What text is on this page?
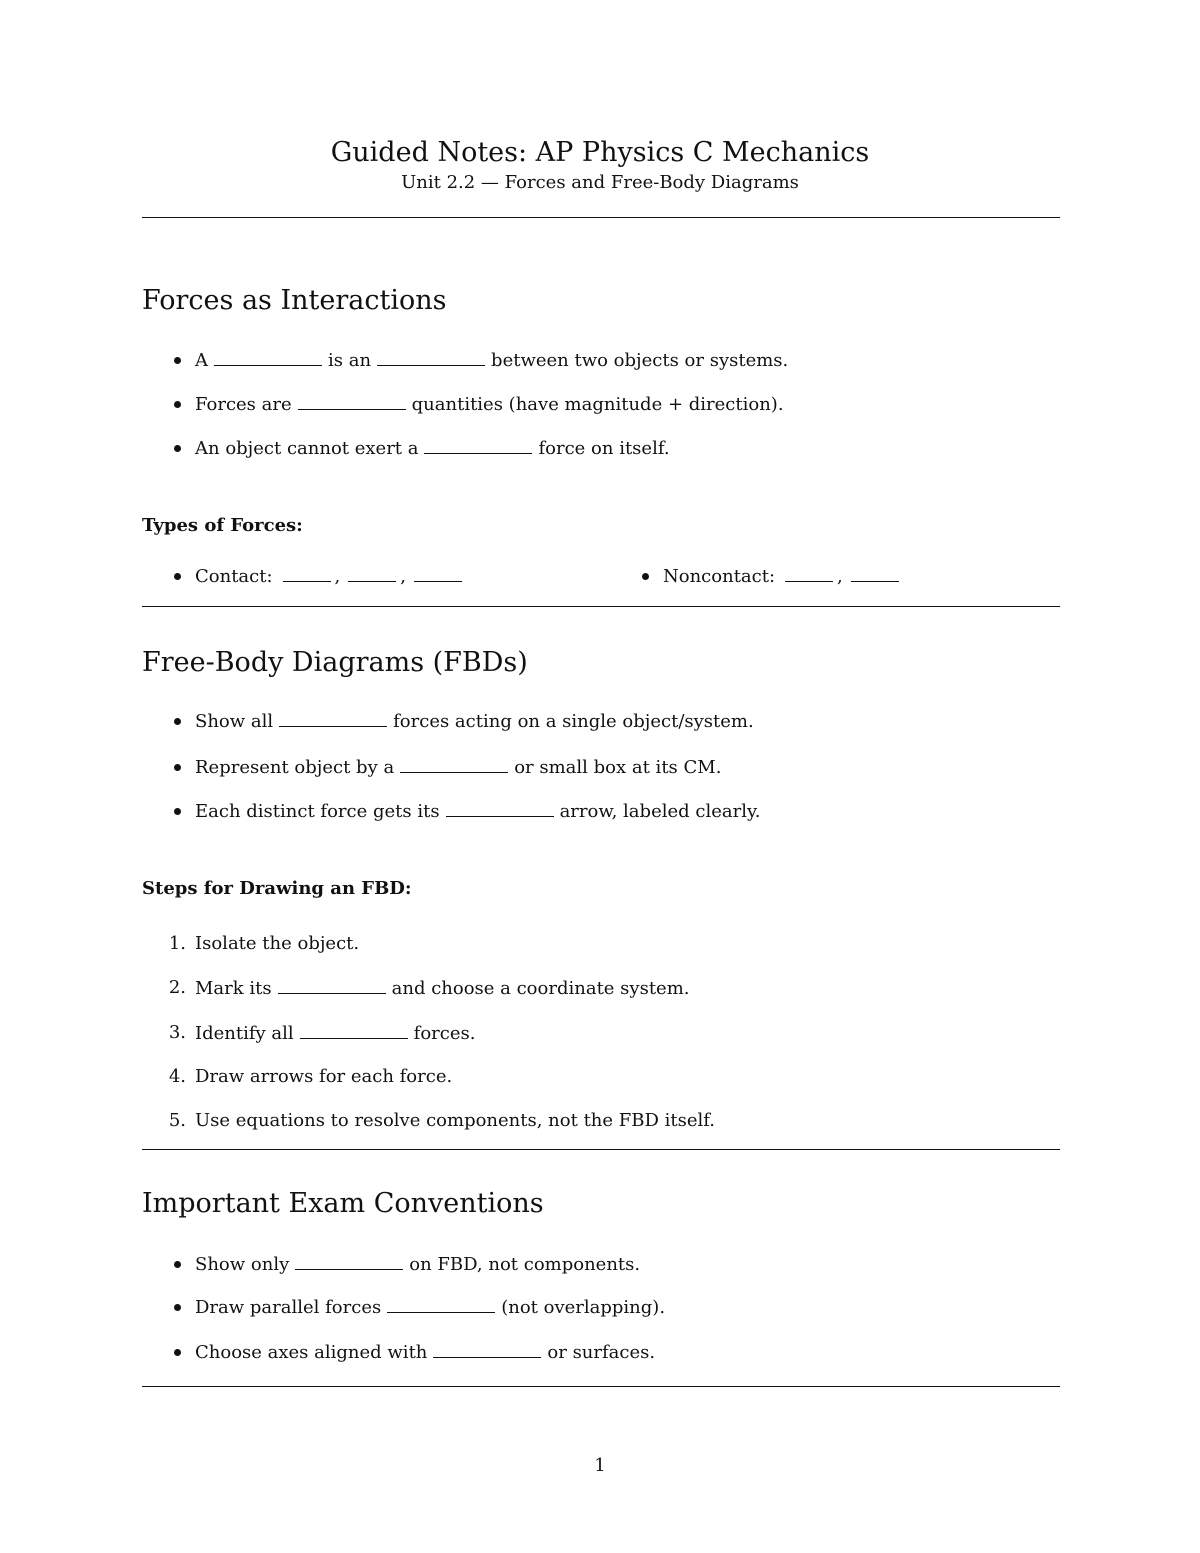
Guided Notes: AP Physics C Mechanics
Unit 2.2 — Forces and Free-Body Diagrams
Forces as Interactions
A	is an	between two objects or systems.
Forces are	quantities (have magnitude + direction).
An object cannot exert a	force on itself.
Types of Forces:
Contact:	,	,	Noncontact:	,
Free-Body Diagrams (FBDs)
Show all	forces acting on a single object/system.
Represent object by a	or small box at its CM.
Each distinct force gets its	arrow, labeled clearly.
Steps for Drawing an FBD:
1. Isolate the object.
2. Mark its	and choose a coordinate system.
3. Identify all	forces.
4. Draw arrows for each force.
5. Use equations to resolve components, not the FBD itself.
Important Exam Conventions
Show only	on FBD, not components.
Draw parallel forces	(not overlapping).
Choose axes aligned with	or surfaces.
1
